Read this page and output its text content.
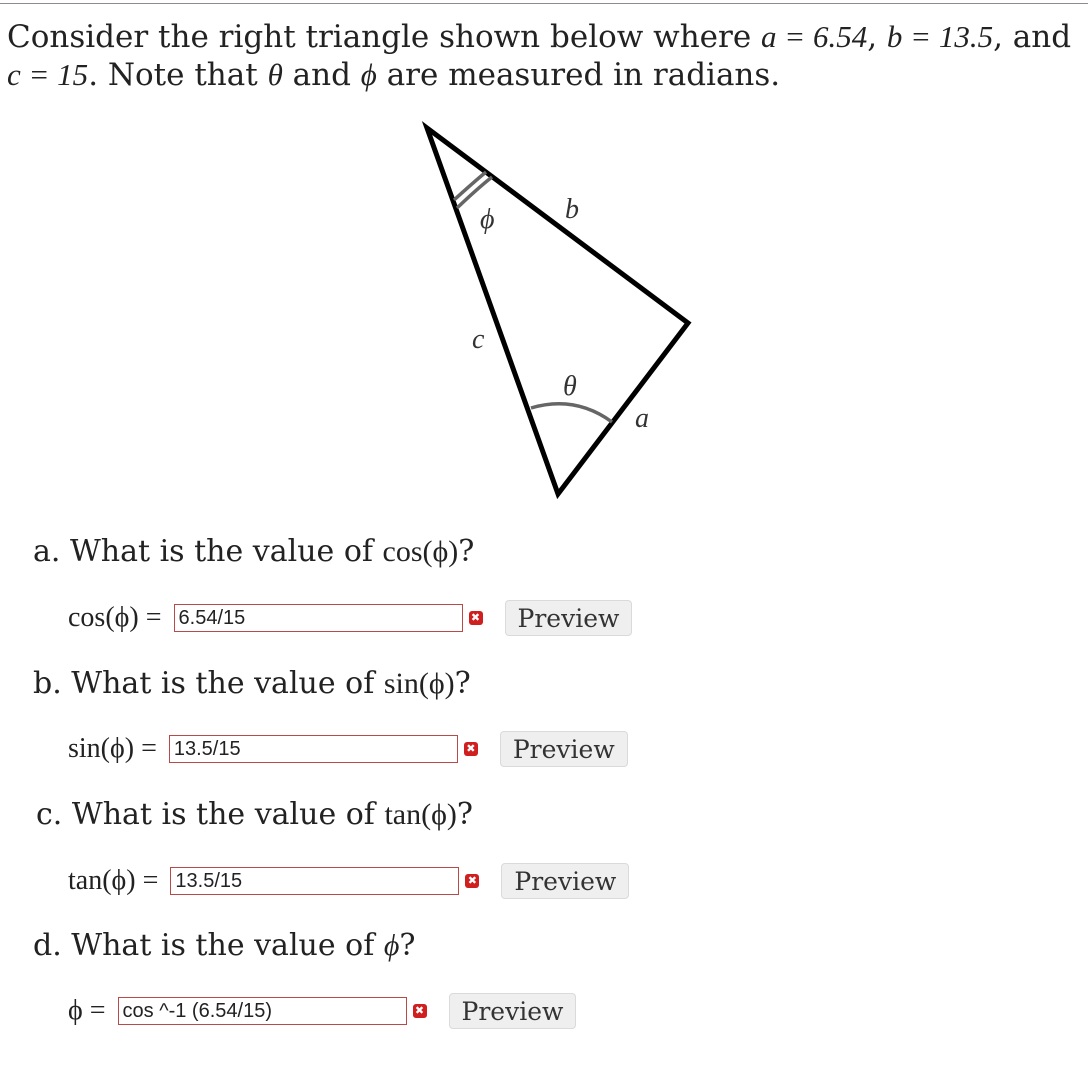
Consider the right triangle shown below where a = 6.54, b = 13.5, and
c = 15. Note that θ and ϕ are measured in radians.

ϕ	b
c
θ
a

a. What is the value of cos(ϕ)?

cos(ϕ) =
6.54/15	✖	Preview

b. What is the value of sin(ϕ)?

sin(ϕ) =
13.5/15	✖	Preview

c. What is the value of tan(ϕ)?

tan(ϕ) =
13.5/15	✖	Preview

d. What is the value of ϕ?

ϕ =
cos ^-1 (6.54/15)	✖	Preview
